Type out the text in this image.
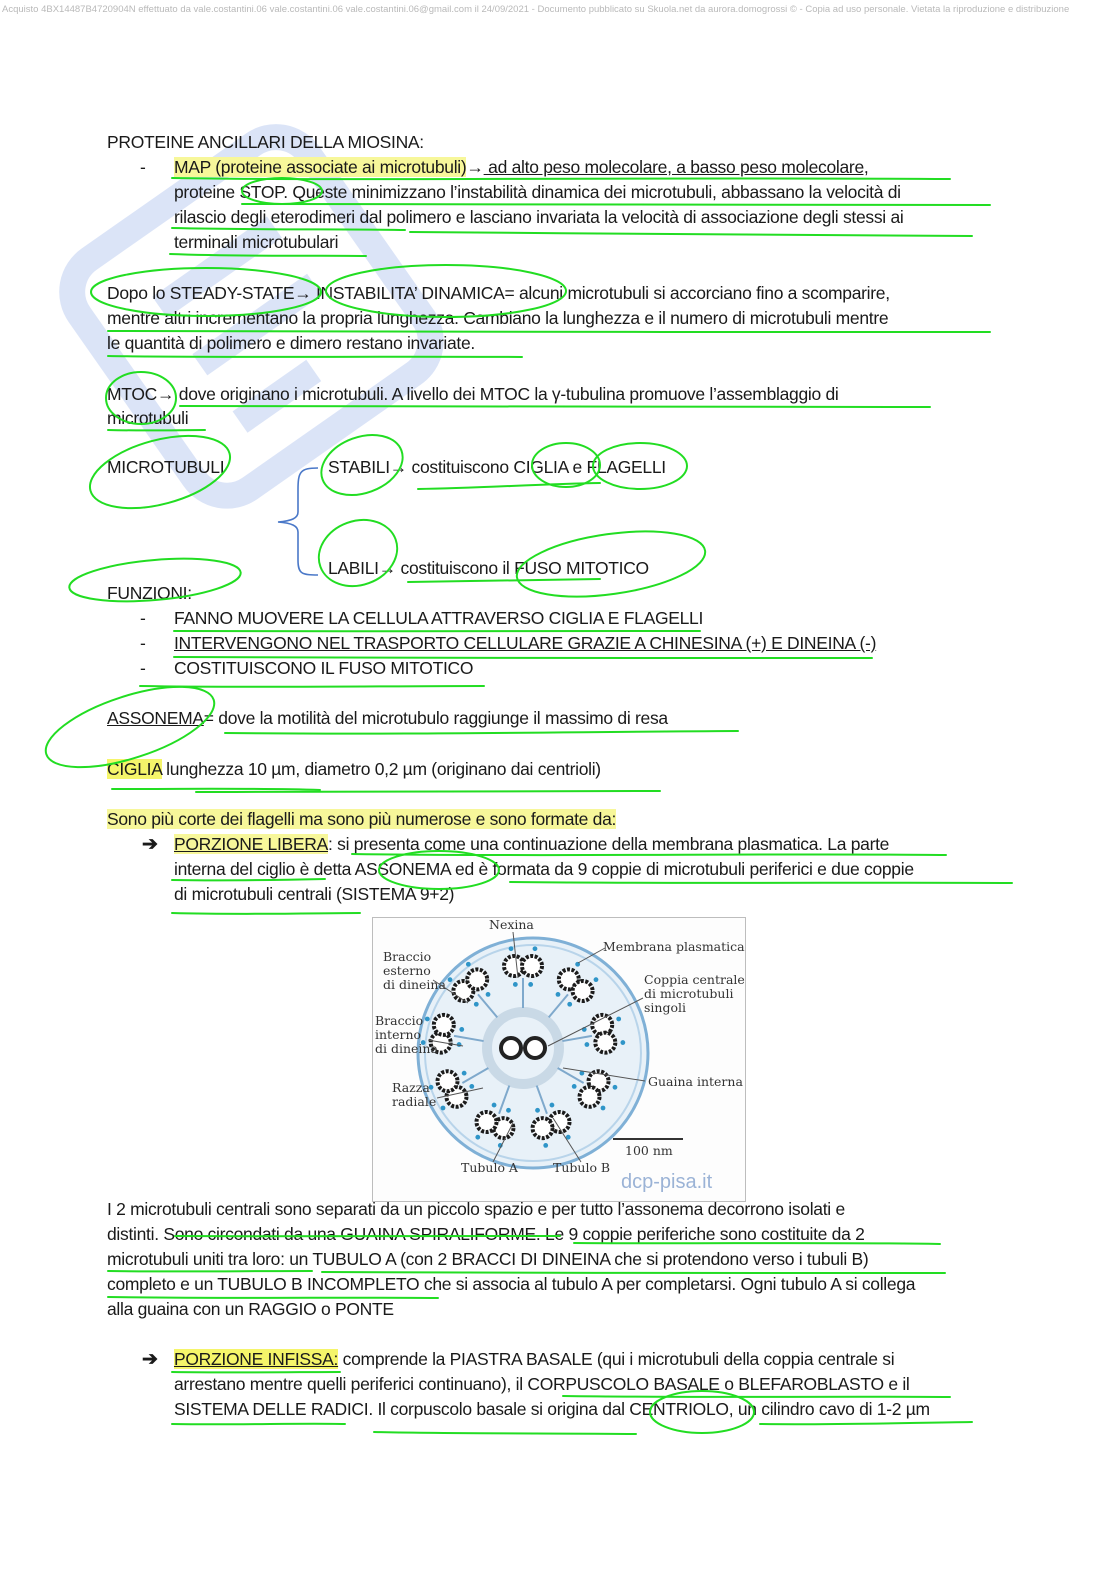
Acquisto 4BX14487B4720904N effettuato da vale.costantini.06 vale.costantini.06 vale.costantini.06@gmail.com il 24/09/2021 - Documento pubblicato su Skuola.net da aurora.domogrossi © - Copia ad uso personale. Vietata la riproduzione e distribuzione
PROTEINE ANCILLARI DELLA MIOSINA:
- MAP (proteine associate ai microtubuli)→ ad alto peso molecolare, a basso peso molecolare,
proteine STOP. Queste minimizzano l’instabilità dinamica dei microtubuli, abbassano la velocità di
rilascio degli eterodimeri dal polimero e lasciano invariata la velocità di associazione degli stessi ai
terminali microtubulari
Dopo lo STEADY-STATE→ INSTABILITA’ DINAMICA= alcuni microtubuli si accorciano fino a scomparire,
mentre altri incrementano la propria lunghezza. Cambiano la lunghezza e il numero di microtubuli mentre
le quantità di polimero e dimero restano invariate.
MTOC→ dove originano i microtubuli. A livello dei MTOC la γ-tubulina promuove l’assemblaggio di
microtubuli
MICROTUBULI	STABILI→ costituiscono CIGLIA e FLAGELLI
LABILI→ costituiscono il FUSO MITOTICO
FUNZIONI:
- FANNO MUOVERE LA CELLULA ATTRAVERSO CIGLIA E FLAGELLI
- INTERVENGONO NEL TRASPORTO CELLULARE GRAZIE A CHINESINA (+) E DINEINA (-)
- COSTITUISCONO IL FUSO MITOTICO
ASSONEMA= dove la motilità del microtubulo raggiunge il massimo di resa
CIGLIA lunghezza 10 µm, diametro 0,2 µm (originano dai centrioli)
Sono più corte dei flagelli ma sono più numerose e sono formate da:
➔ PORZIONE LIBERA: si presenta come una continuazione della membrana plasmatica. La parte
interna del ciglio è detta ASSONEMA ed è formata da 9 coppie di microtubuli periferici e due coppie
di microtubuli centrali (SISTEMA 9+2)
Nexina
Membrana plasmatica
Braccio
esterno
di dineina	Coppia centrale
di microtubuli
singoli
Braccio
interno
di dineina
Guaina interna
Razza
radiale
100 nm
Tubulo A	Tubulo B
dcp-pisa.it
I 2 microtubuli centrali sono separati da un piccolo spazio e per tutto l’assonema decorrono isolati e
distinti. Sono circondati da una GUAINA SPIRALIFORME. Le 9 coppie periferiche sono costituite da 2
microtubuli uniti tra loro: un TUBULO A (con 2 BRACCI DI DINEINA che si protendono verso i tubuli B)
completo e un TUBULO B INCOMPLETO che si associa al tubulo A per completarsi. Ogni tubulo A si collega
alla guaina con un RAGGIO o PONTE
➔ PORZIONE INFISSA: comprende la PIASTRA BASALE (qui i microtubuli della coppia centrale si
arrestano mentre quelli periferici continuano), il CORPUSCOLO BASALE o BLEFAROBLASTO e il
SISTEMA DELLE RADICI. Il corpuscolo basale si origina dal CENTRIOLO, un cilindro cavo di 1-2 µm
